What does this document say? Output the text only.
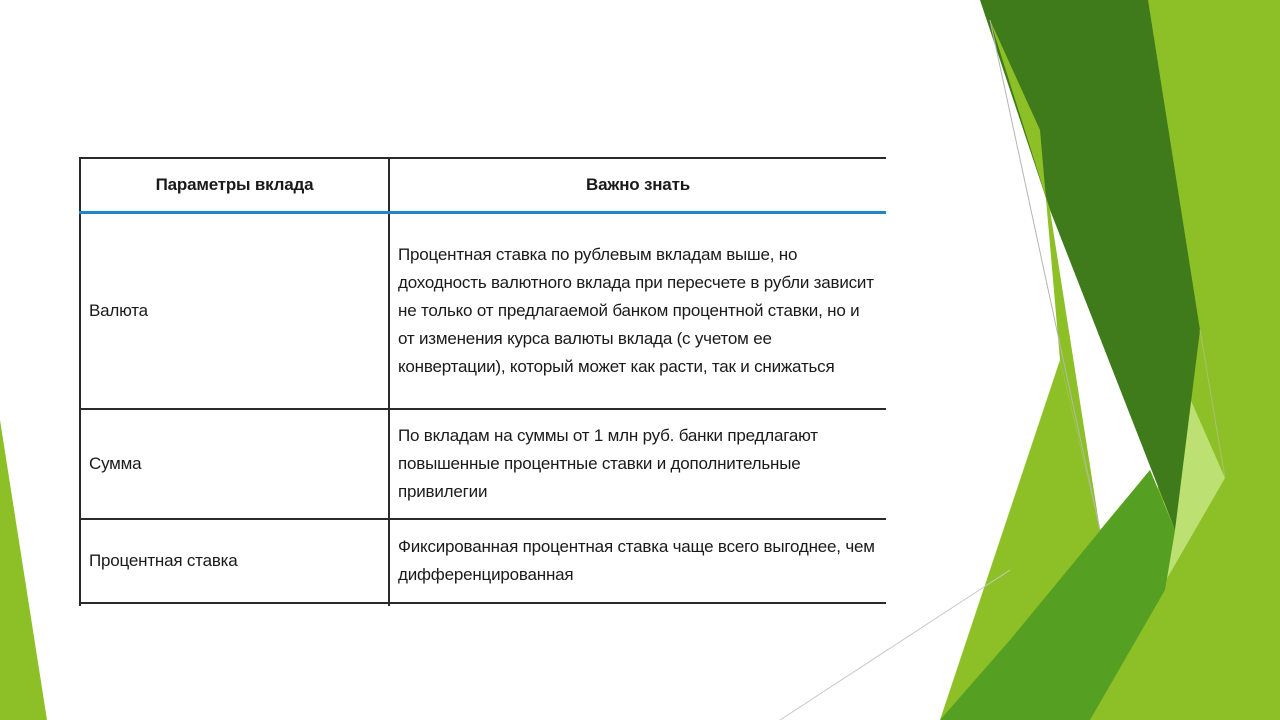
Параметры вклада	Важно знать
Валюта	Процентная ставка по рублевым вкладам выше, но доходность валютного вклада при пересчете в рубли зависит не только от предлагаемой банком процентной ставки, но и от изменения курса валюты вклада (с учетом ее конвертации), который может как расти, так и снижаться
Сумма	По вкладам на суммы от 1 млн руб. банки предлагают повышенные процентные ставки и дополнительные привилегии
Процентная ставка	Фиксированная процентная ставка чаще всего выгоднее, чем дифференцированная
